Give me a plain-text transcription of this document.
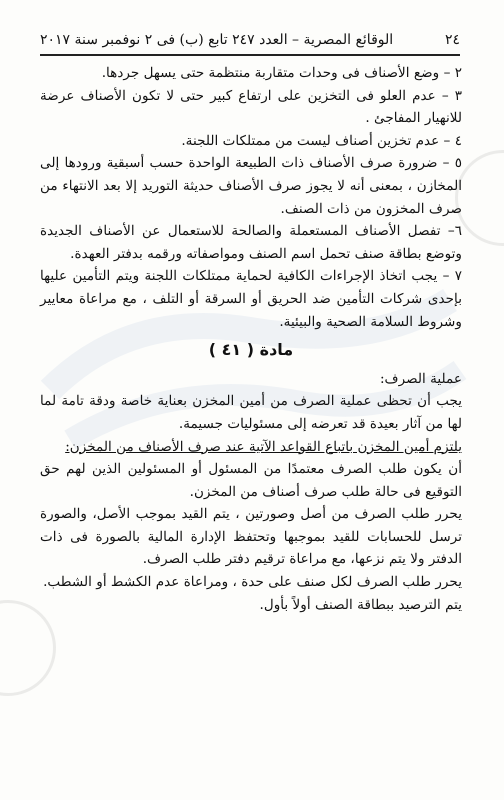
٢٤
الوقائع المصرية – العدد ٢٤٧ تابع (ب) فى ٢ نوفمبر سنة ٢٠١٧

٢ – وضع الأصناف فى وحدات متقاربة منتظمة حتى يسهل جردها.

٣ – عدم العلو فى التخزين على ارتفاع كبير حتى لا تكون الأصناف عرضة للانهيار المفاجئ .

٤ – عدم تخزين أصناف ليست من ممتلكات اللجنة.

٥ – ضرورة صرف الأصناف ذات الطبيعة الواحدة حسب أسبقية ورودها إلى المخازن ، بمعنى أنه لا يجوز صرف الأصناف حديثة التوريد إلا بعد الانتهاء من صرف المخزون من ذات الصنف.

٦– تفصل الأصناف المستعملة والصالحة للاستعمال عن الأصناف الجديدة وتوضع بطاقة صنف تحمل اسم الصنف ومواصفاته ورقمه بدفتر العهدة.

٧ – يجب اتخاذ الإجراءات الكافية لحماية ممتلكات اللجنة ويتم التأمين عليها بإحدى شركات التأمين ضد الحريق أو السرقة أو التلف ، مع مراعاة معايير وشروط السلامة الصحية والبيئية.

مادة ( ٤١ )

عملية الصرف:

يجب أن تحظى عملية الصرف من أمين المخزن بعناية خاصة ودقة تامة لما لها من آثار بعيدة قد تعرضه إلى مسئوليات جسيمة.

يلتزم أمين المخزن باتباع القواعد الآتية عند صرف الأصناف من المخزن:

أن يكون طلب الصرف معتمدًا من المسئول أو المسئولين الذين لهم حق التوقيع فى حالة طلب صرف أصناف من المخزن.

يحرر طلب الصرف من أصل وصورتين ، يتم القيد بموجب الأصل، والصورة ترسل للحسابات للقيد بموجبها وتحتفظ الإدارة المالية بالصورة فى ذات الدفتر ولا يتم نزعها، مع مراعاة ترقيم دفتر طلب الصرف.

يحرر طلب الصرف لكل صنف على حدة ، ومراعاة عدم الكشط أو الشطب.

يتم الترصيد ببطاقة الصنف أولاً بأول.
